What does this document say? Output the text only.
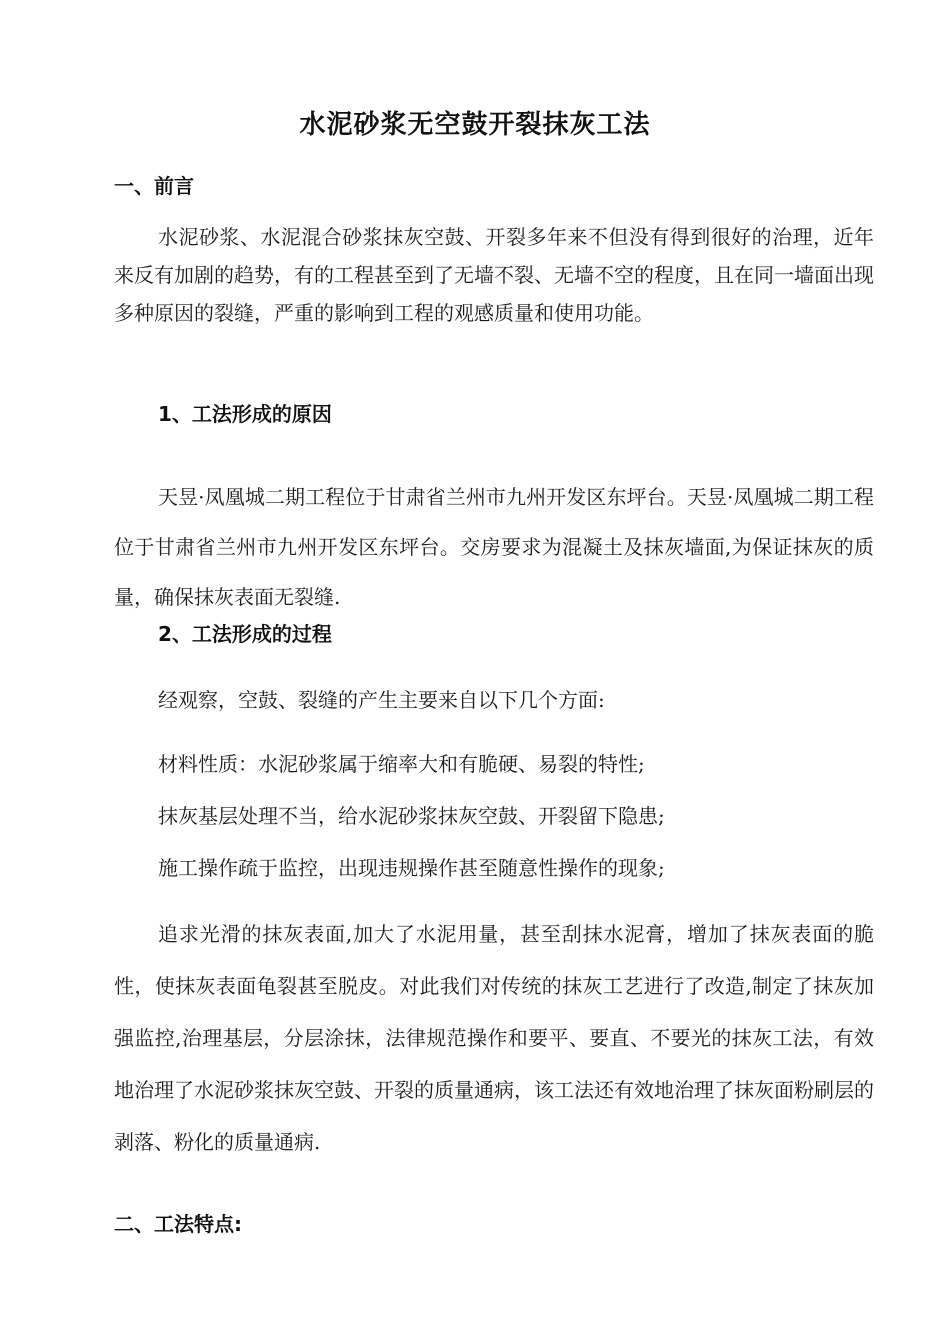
水泥砂浆无空鼓开裂抹灰工法
一、前言
水泥砂浆、水泥混合砂浆抹灰空鼓、开裂多年来不但没有得到很好的治理，近年来反有加剧的趋势，有的工程甚至到了无墙不裂、无墙不空的程度，且在同一墙面出现多种原因的裂缝，严重的影响到工程的观感质量和使用功能。
1、工法形成的原因
天昱·凤凰城二期工程位于甘肃省兰州市九州开发区东坪台。天昱·凤凰城二期工程位于甘肃省兰州市九州开发区东坪台。交房要求为混凝土及抹灰墙面,为保证抹灰的质量，确保抹灰表面无裂缝.
2、工法形成的过程
经观察，空鼓、裂缝的产生主要来自以下几个方面:
材料性质：水泥砂浆属于缩率大和有脆硬、易裂的特性;
抹灰基层处理不当，给水泥砂浆抹灰空鼓、开裂留下隐患;
施工操作疏于监控，出现违规操作甚至随意性操作的现象;
追求光滑的抹灰表面,加大了水泥用量，甚至刮抹水泥膏，增加了抹灰表面的脆性，使抹灰表面龟裂甚至脱皮。对此我们对传统的抹灰工艺进行了改造,制定了抹灰加强监控,治理基层，分层涂抹，法律规范操作和要平、要直、不要光的抹灰工法，有效地治理了水泥砂浆抹灰空鼓、开裂的质量通病，该工法还有效地治理了抹灰面粉刷层的剥落、粉化的质量通病.
二、工法特点:
